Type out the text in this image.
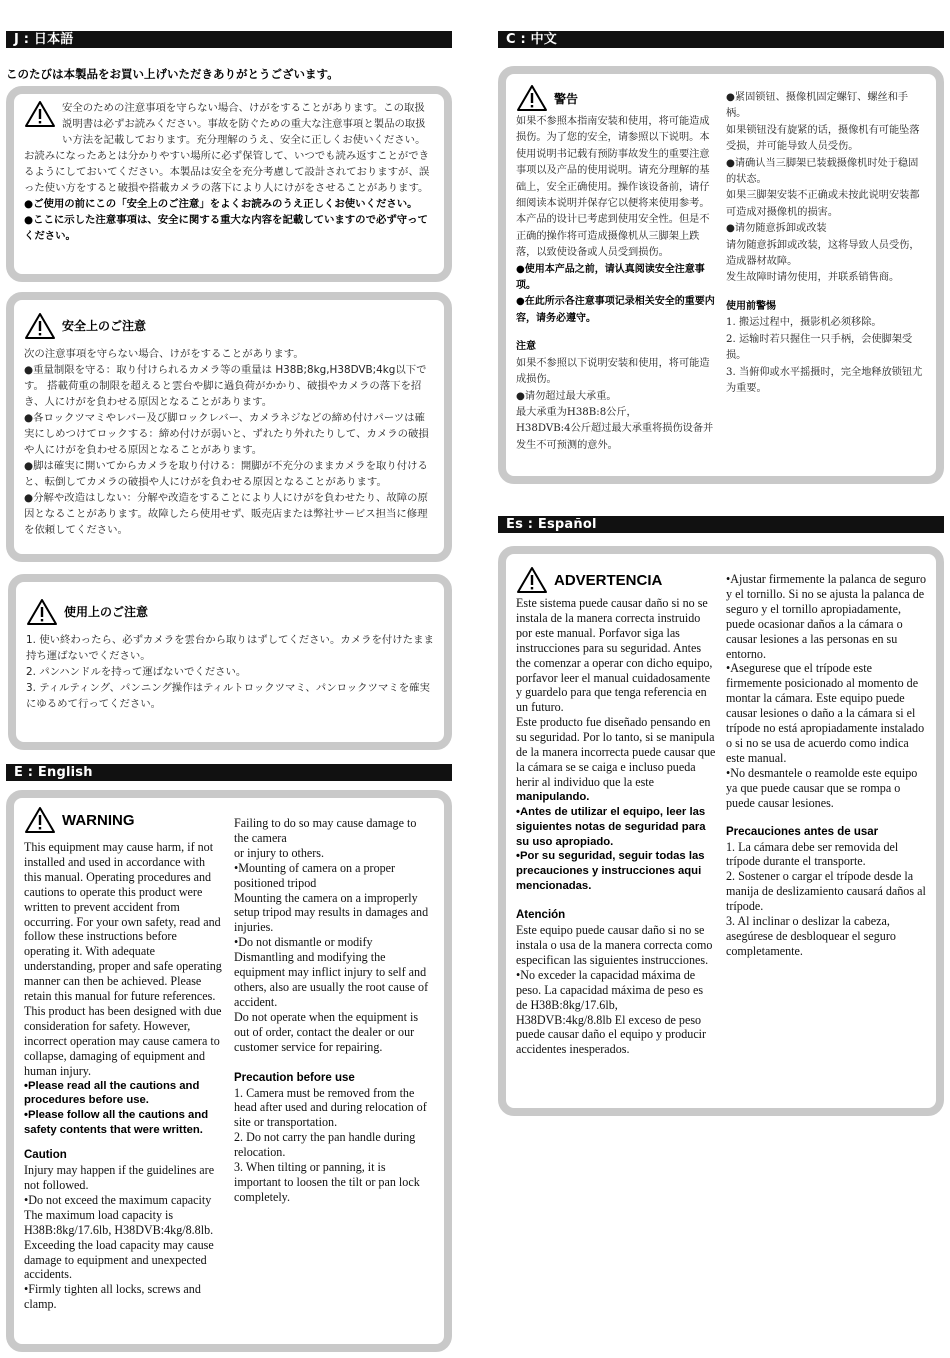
J : 日本語
このたびは本製品をお買い上げいただきありがとうございます。

安全のための注意事項を守らない場合、けがをすることがあります。この取扱説明書は必ずお読みください。事故を防ぐための重大な注意事項と製品の取扱い方法を記載しております。充分理解のうえ、安全に正しくお使いください。

お読みになったあとは分かりやすい場所に必ず保管して、いつでも読み返すことができるようにしておいてください。本製品は安全を充分考慮して設計されておりますが、誤った使い方をすると破損や搭載カメラの落下により人にけがをさせることがあります。

●ご使用の前にこの「安全上のご注意」をよくお読みのうえ正しくお使いください。

●ここに示した注意事項は、安全に関する重大な内容を記載していますので必ず守ってください。

安全上のご注意

次の注意事項を守らない場合、けがをすることがあります。

●重量制限を守る：取り付けられるカメラ等の重量は H38B;8kg,H38DVB;4kg以下です。 搭載荷重の制限を超えると雲台や脚に過負荷がかかり、破損やカメラの落下を招き、人にけがを負わせる原因となることがあります。

●各ロックツマミやレバー及び脚ロックレバー、カメラネジなどの締め付けパーツは確実にしめつけてロックする：締め付けが弱いと、ずれたり外れたりして、カメラの破損や人にけがを負わせる原因となることがあります。

●脚は確実に開いてからカメラを取り付ける：開脚が不充分のままカメラを取り付けると、転倒してカメラの破損や人にけがを負わせる原因となることがあります。

●分解や改造はしない：分解や改造をすることにより人にけがを負わせたり、故障の原因となることがあります。故障したら使用せず、販売店または弊社サービス担当に修理を依頼してください。

使用上のご注意

1. 使い終わったら、必ずカメラを雲台から取りはずしてください。カメラを付けたまま持ち運ばないでください。

2. パンハンドルを持って運ばないでください。

3. ティルティング、パンニング操作はティルトロックツマミ、パンロックツマミを確実にゆるめて行ってください。

E : English
WARNING

This equipment may cause harm, if not installed and used in accordance with this manual. Operating procedures and cautions to operate this product were written to prevent accident from occurring. For your own safety, read and follow these instructions before operating it. With adequate understanding, proper and safe operating manner can then be achieved. Please retain this manual for future references. This product has been designed with due consideration for safety. However, incorrect operation may cause camera to collapse, damaging of equipment and human injury.

•Please read all the cautions and procedures before use.

•Please follow all the cautions and safety contents that were written.

Caution

Injury may happen if the guidelines are not followed.

•Do not exceed the maximum capacity

The maximum load capacity is H38B:8kg/17.6lb, H38DVB:4kg/8.8lb. Exceeding the load capacity may cause damage to equipment and unexpected accidents.

•Firmly tighten all locks, screws and clamp.

Failing to do so may cause damage to the camera

or injury to others.

•Mounting of camera on a proper positioned tripod

Mounting the camera on a improperly setup tripod may results in damages and injuries.

•Do not dismantle or modify

Dismantling and modifying the equipment may inflict injury to self and others, also are usually the root cause of accident.

Do not operate when the equipment is out of order, contact the dealer or our customer service for repairing.

Precaution before use

1. Camera must be removed from the head after used and during relocation of site or transportation.

2. Do not carry the pan handle during relocation.

3. When tilting or panning, it is important to loosen the tilt or pan lock completely.

C : 中文
警告

如果不参照本指南安装和使用，将可能造成损伤。为了您的安全，请参照以下说明。本使用说明书记载有预防事故发生的重要注意事项以及产品的使用说明。请充分理解的基础上，安全正确使用。操作该设备前，请仔细阅读本说明并保存它以便将来使用参考。

本产品的设计已考虑到使用安全性。但是不正确的操作将可造成摄像机从三脚架上跌落，以致使设备或人员受到损伤。

●使用本产品之前，请认真阅读安全注意事项。

●在此所示各注意事项记录相关安全的重要内容，请务必遵守。

注意

如果不参照以下说明安装和使用，将可能造成损伤。

●请勿超过最大承重。

最大承重为H38B:8公斤，

H38DVB:4公斤超过最大承重将损伤设备并发生不可预测的意外。

●紧固锁钮、摄像机固定螺钉、螺丝和手柄。

如果锁钮没有旋紧的话，摄像机有可能坠落受损，并可能导致人员受伤。

●请确认当三脚架已装载摄像机时处于稳固的状态。

如果三脚架安装不正确或未按此说明安装都可造成对摄像机的损害。

●请勿随意拆卸或改装

请勿随意拆卸或改装，这将导致人员受伤，造成器材故障。

发生故障时请勿使用，并联系销售商。

使用前警惕

1. 搬运过程中，摄影机必须移除。

2. 运输时若只握住一只手柄，会使脚架受损。

3. 当俯仰或水平摇摄时，完全地释放锁钮尤为重要。

Es : Español
ADVERTENCIA

Este sistema puede causar daño si no se instala de la manera correcta instruido por este manual. Porfavor siga las instrucciones para su seguridad. Antes the comenzar a operar con dicho equipo, porfavor leer el manual cuidadosamente y guardelo para que tenga referencia en un futuro.

Este producto fue diseñado pensando en su seguridad. Por lo tanto, si se manipula de la manera incorrecta puede causar que la cámara se se caiga e incluso pueda herir al individuo que la este

manipulando.

•Antes de utilizar el equipo, leer las siguientes notas de seguridad para su uso apropiado.

•Por su seguridad, seguir todas las precauciones y instrucciones aqui mencionadas.

Atención

Este equipo puede causar daño si no se instala o usa de la manera correcta como especifican las siguientes instrucciones.

•No exceder la capacidad máxima de peso. La capacidad máxima de peso es de H38B:8kg/17.6lb, H38DVB:4kg/8.8lb El exceso de peso puede causar daño el equipo y producir accidentes inesperados.

•Ajustar firmemente la palanca de seguro y el tornillo. Si no se ajusta la palanca de seguro y el tornillo apropiadamente, puede ocasionar daños a la cámara o causar lesiones a las personas en su entorno.

•Asegurese que el trípode este firmemente posicionado al momento de montar la cámara. Este equipo puede causar lesiones o daño a la cámara si el trípode no está apropiadamente instalado o si no se usa de acuerdo como indica este manual.

•No desmantele o reamolde este equipo ya que puede causar que se rompa o puede causar lesiones.

Precauciones antes de usar

1. La cámara debe ser removida del trípode durante el transporte.

2. Sostener o cargar el trípode desde la manija de deslizamiento causará daños al trípode.

3. Al inclinar o deslizar la cabeza, asegúrese de desbloquear el seguro completamente.
